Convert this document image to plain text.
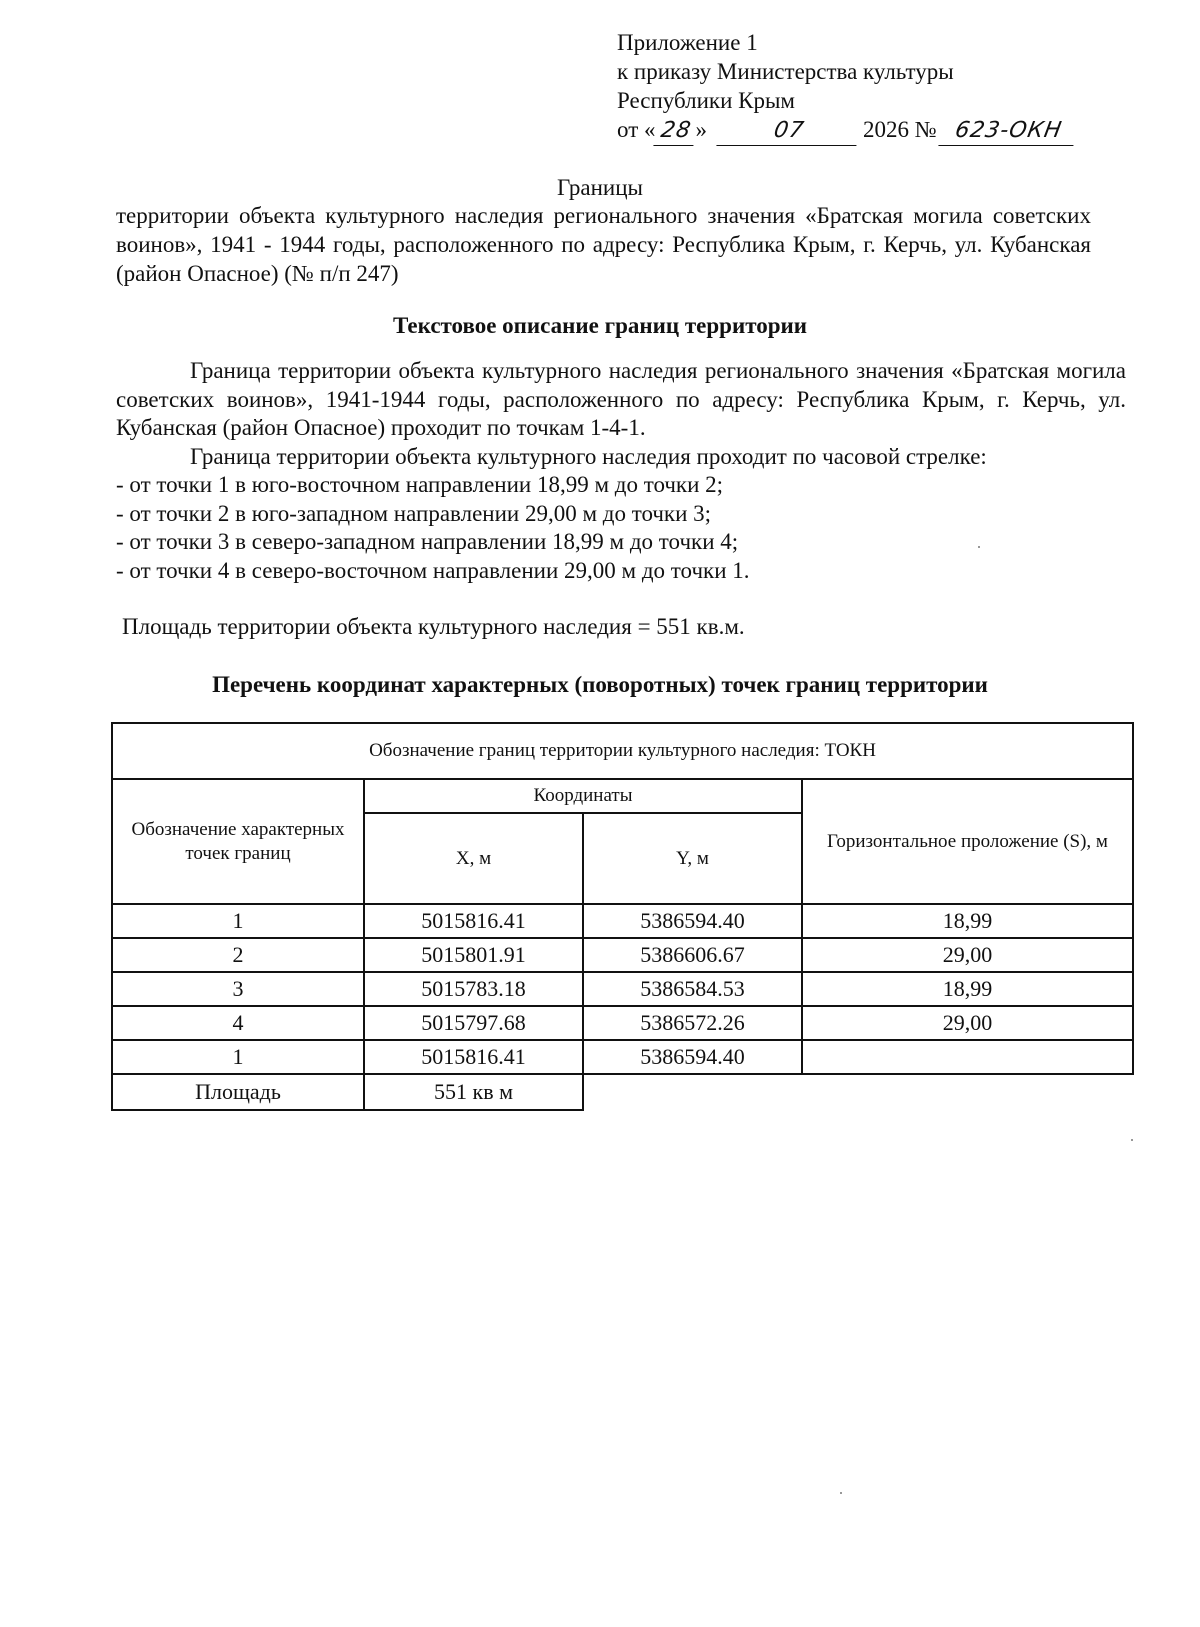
Приложение 1
к приказу Министерства культуры
Республики Крым
от « 28 »	07 2026 № 623-ОКН
Границы
территории объекта культурного наследия регионального значения «Братская могила советских воинов», 1941 - 1944 годы, расположенного по адресу: Республика Крым, г. Керчь, ул. Кубанская (район Опасное) (№ п/п 247)
Текстовое описание границ территории

Граница территории объекта культурного наследия регионального значения «Братская могила советских воинов», 1941-1944 годы, расположенного по адресу: Республика Крым, г. Керчь, ул. Кубанская (район Опасное) проходит по точкам 1-4-1.

Граница территории объекта культурного наследия проходит по часовой стрелке:

- от точки 1 в юго-восточном направлении 18,99 м до точки 2;

- от точки 2 в юго-западном направлении 29,00 м до точки 3;

- от точки 3 в северо-западном направлении 18,99 м до точки 4;

- от точки 4 в северо-восточном направлении 29,00 м до точки 1.

Площадь территории объекта культурного наследия = 551 кв.м.
Перечень координат характерных (поворотных) точек границ территории
Обозначение границ территории культурного наследия: ТОКН			
Обозначение характерных точек границ	Координаты		Горизонтальное проложение (S), м
	X, м	Y, м	
1	5015816.41	5386594.40	18,99
2	5015801.91	5386606.67	29,00
3	5015783.18	5386584.53	18,99
4	5015797.68	5386572.26	29,00
1	5015816.41	5386594.40	
Площадь	551 кв м		
